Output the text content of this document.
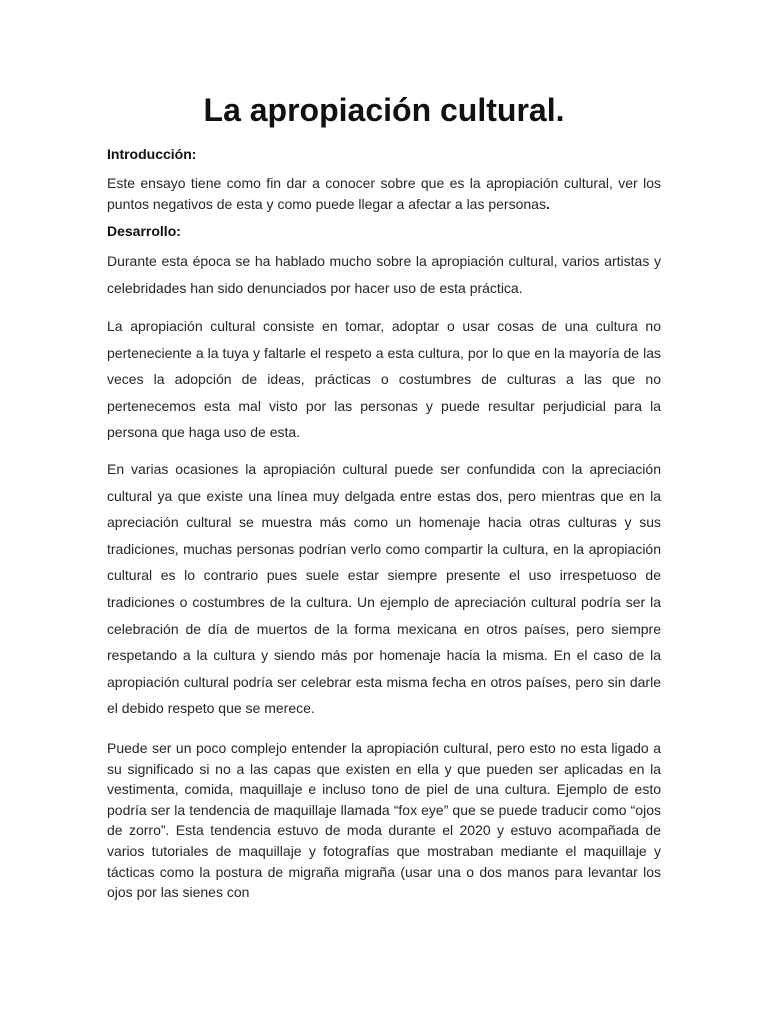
La apropiación cultural.

Introducción:

Este ensayo tiene como fin dar a conocer sobre que es la apropiación cultural, ver los puntos negativos de esta y como puede llegar a afectar a las personas.

Desarrollo:

Durante esta época se ha hablado mucho sobre la apropiación cultural, varios artistas y celebridades han sido denunciados por hacer uso de esta práctica.

La apropiación cultural consiste en tomar, adoptar o usar cosas de una cultura no perteneciente a la tuya y faltarle el respeto a esta cultura, por lo que en la mayoría de las veces la adopción de ideas, prácticas o costumbres de culturas a las que no pertenecemos esta mal visto por las personas y puede resultar perjudicial para la persona que haga uso de esta.

En varias ocasiones la apropiación cultural puede ser confundida con la apreciación cultural ya que existe una línea muy delgada entre estas dos, pero mientras que en la apreciación cultural se muestra más como un homenaje hacia otras culturas y sus tradiciones, muchas personas podrían verlo como compartir la cultura, en la apropiación cultural es lo contrario pues suele estar siempre presente el uso irrespetuoso de tradiciones o costumbres de la cultura. Un ejemplo de apreciación cultural podría ser la celebración de día de muertos de la forma mexicana en otros países, pero siempre respetando a la cultura y siendo más por homenaje hacia la misma. En el caso de la apropiación cultural podría ser celebrar esta misma fecha en otros países, pero sin darle el debido respeto que se merece.

Puede ser un poco complejo entender la apropiación cultural, pero esto no esta ligado a su significado si no a las capas que existen en ella y que pueden ser aplicadas en la vestimenta, comida, maquillaje e incluso tono de piel de una cultura. Ejemplo de esto podría ser la tendencia de maquillaje llamada “fox eye” que se puede traducir como “ojos de zorro”. Esta tendencia estuvo de moda durante el 2020 y estuvo acompañada de varios tutoriales de maquillaje y fotografías que mostraban mediante el maquillaje y tácticas como la postura de migraña migraña (usar una o dos manos para levantar los ojos por las sienes con
